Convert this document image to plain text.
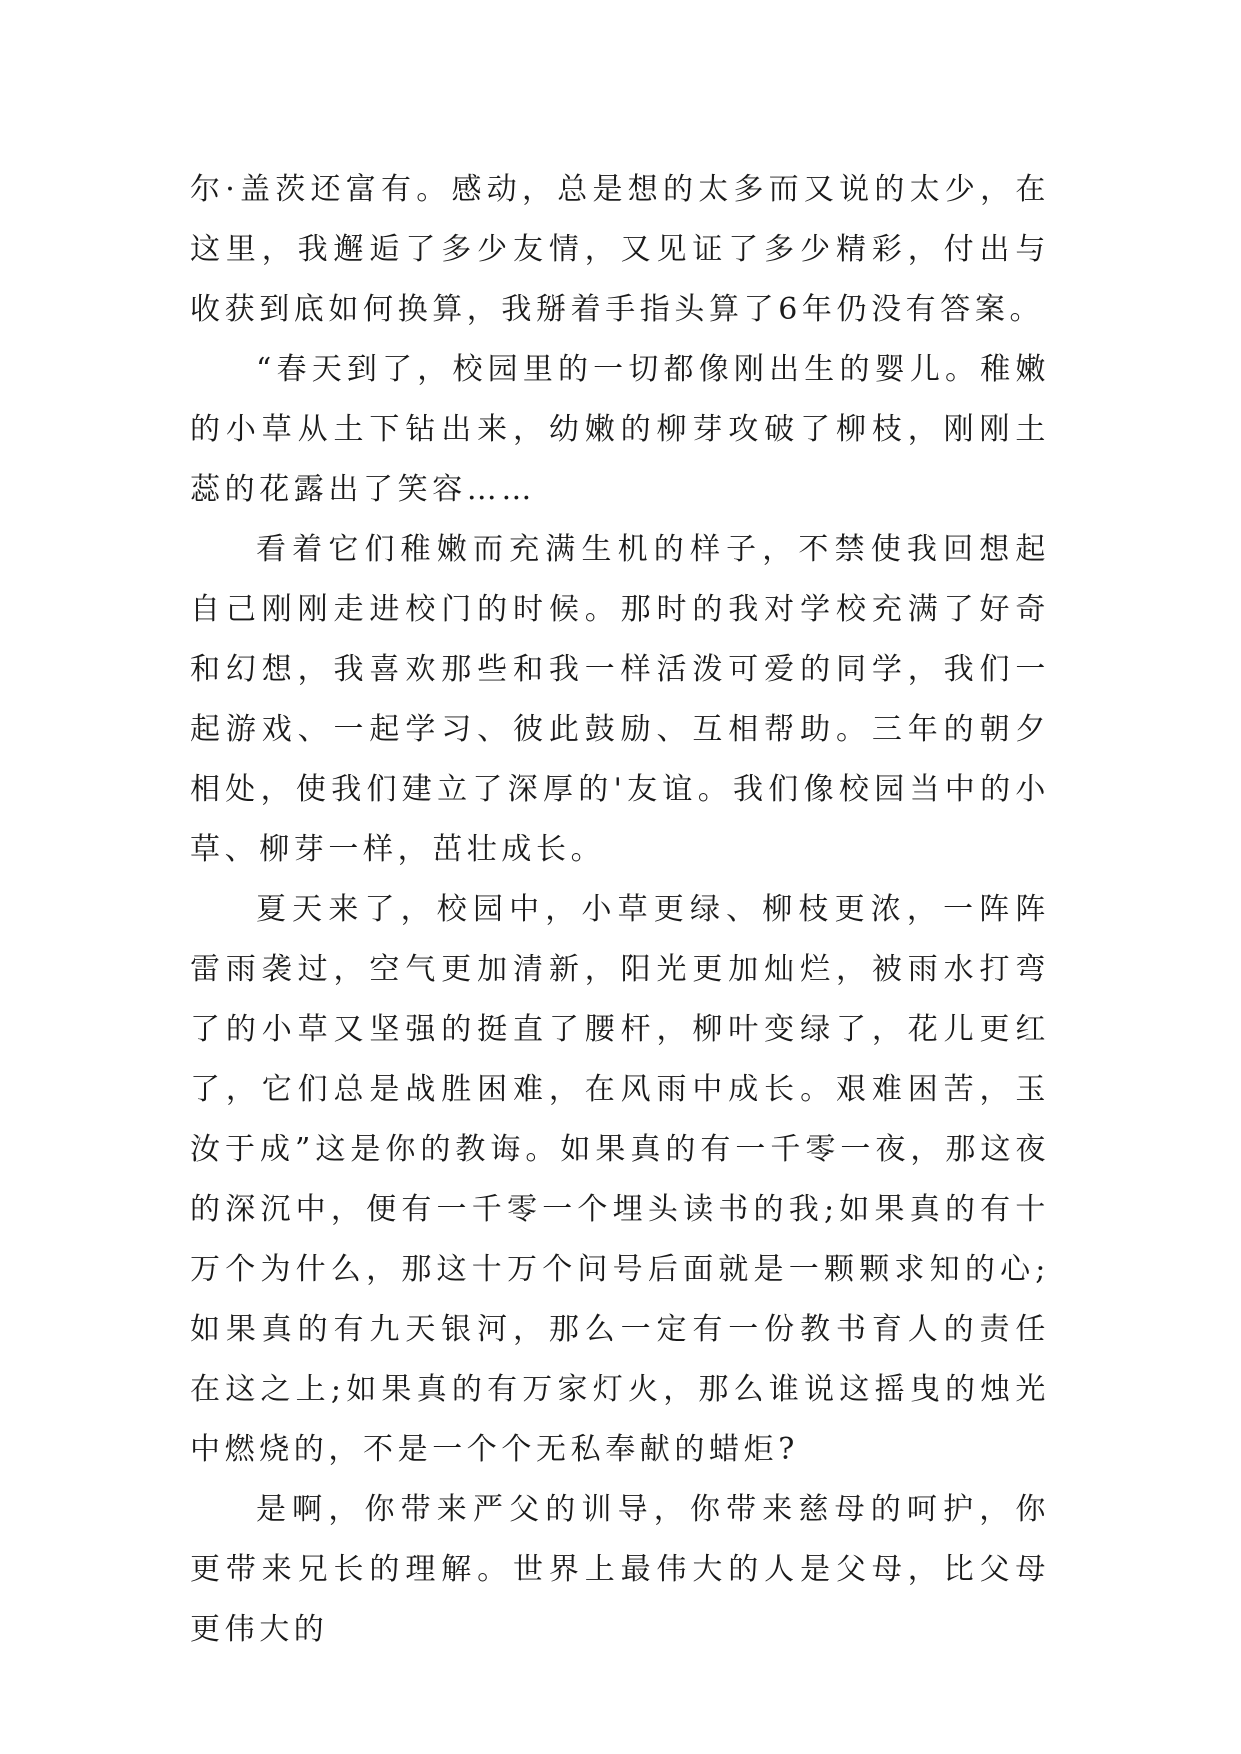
尔·盖茨还富有。感动，总是想的太多而又说的太少，在这里，我邂逅了多少友情，又见证了多少精彩，付出与收获到底如何换算，我掰着手指头算了6年仍没有答案。

“春天到了，校园里的一切都像刚出生的婴儿。稚嫩的小草从土下钻出来，幼嫩的柳芽攻破了柳枝，刚刚土蕊的花露出了笑容……

看着它们稚嫩而充满生机的样子，不禁使我回想起自己刚刚走进校门的时候。那时的我对学校充满了好奇和幻想，我喜欢那些和我一样活泼可爱的同学，我们一起游戏、一起学习、彼此鼓励、互相帮助。三年的朝夕相处，使我们建立了深厚的'友谊。我们像校园当中的小草、柳芽一样，茁壮成长。

夏天来了，校园中，小草更绿、柳枝更浓，一阵阵雷雨袭过，空气更加清新，阳光更加灿烂，被雨水打弯了的小草又坚强的挺直了腰杆，柳叶变绿了，花儿更红了，它们总是战胜困难，在风雨中成长。艰难困苦，玉汝于成”这是你的教诲。如果真的有一千零一夜，那这夜的深沉中，便有一千零一个埋头读书的我;如果真的有十万个为什么，那这十万个问号后面就是一颗颗求知的心;如果真的有九天银河，那么一定有一份教书育人的责任在这之上;如果真的有万家灯火，那么谁说这摇曳的烛光中燃烧的，不是一个个无私奉献的蜡炬?

是啊，你带来严父的训导，你带来慈母的呵护，你更带来兄长的理解。世界上最伟大的人是父母，比父母更伟大的
